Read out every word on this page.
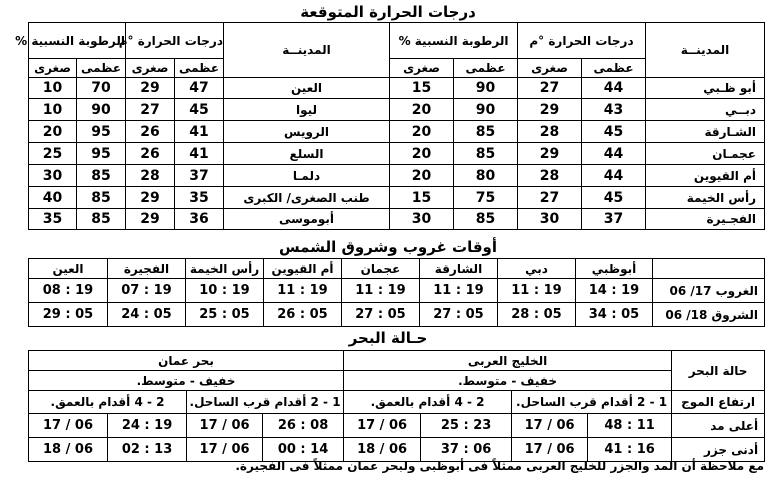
درجات الحرارة المتوقعة
المدينــة	درجات الحرارة °م		الرطوبة النسبية %		المدينــة	درجات الحرارة °م		الرطوبة النسبية %	
	عظمى	صغرى	عظمى	صغرى		عظمى	صغرى	عظمى	صغرى
أبو ظـبي	44	27	90	15	العين	47	29	70	10
دبــي	43	29	90	20	ليوا	45	27	90	10
الشـارقة	45	28	85	20	الرويس	41	26	95	20
عجمـان	44	29	85	20	السلع	41	26	95	25
أم القيوين	44	28	80	20	دلمـا	37	28	85	30
رأس الخيمة	45	27	75	15	طنب الصغرى/ الكبرى	35	29	85	40
الفجـيرة	37	30	85	30	أبوموسى	36	29	85	35
أوقات غروب وشروق الشمس
	أبوظبي	دبي	الشارقة	عجمان	أم القيوين	رأس الخيمة	الفجيرة	العين
الغروب 17/ 06	19 : 14	19 : 11	19 : 11	19 : 11	19 : 11	19 : 10	19 : 07	19 : 08
الشروق 18/ 06	05 : 34	05 : 28	05 : 27	05 : 27	05 : 26	05 : 25	05 : 24	05 : 29
حـالة البحر
حالة البحر	الخليج العربى				بحر عمان			
	خفيف - متوسط.				خفيف - متوسط.			
ارتفاع الموج	1 - 2 أقدام قرب الساحل.		2 - 4 أقدام بالعمق.		1 - 2 أقدام قرب الساحل.		2 - 4 أقدام بالعمق.	
أعلى مد	11 : 48	06 / 17	23 : 25	06 / 17	08 : 26	06 / 17	19 : 24	06 / 17
أدنى جزر	16 : 41	06 / 17	06 : 37	06 / 18	14 : 00	06 / 17	13 : 02	06 / 18
مع ملاحظة أن المد والجزر للخليج العربى ممثلاً فى أبوظبى ولبحر عمان ممثلاً فى الفجيرة.
